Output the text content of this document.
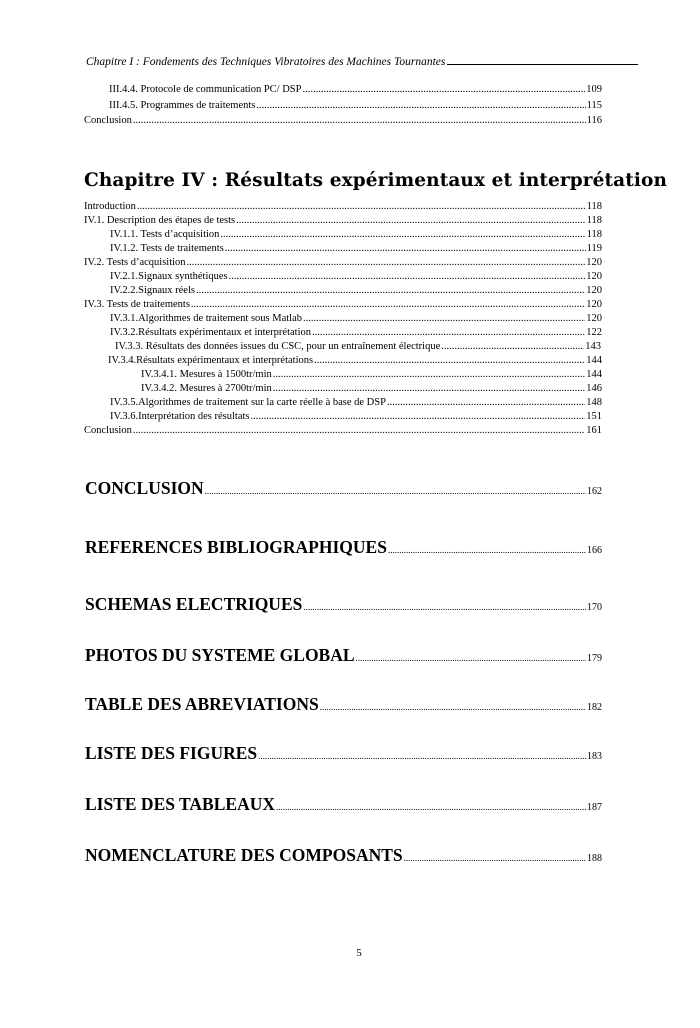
Chapitre I : Fondements des Techniques Vibratoires des Machines Tournantes
III.4.4. Protocole de communication PC/ DSP .....	109
III.4.5. Programmes de traitements .....	115
Conclusion .....	116
Chapitre IV : Résultats expérimentaux et interprétation
Introduction .....	118
IV.1. Description des étapes de tests .....	118
IV.1.1. Tests d’acquisition .....	118
IV.1.2. Tests de traitements .....	119
IV.2. Tests d’acquisition .....	120
IV.2.1.Signaux synthétiques .....	120
IV.2.2.Signaux réels .....	120
IV.3. Tests de traitements .....	120
IV.3.1.Algorithmes de traitement sous Matlab .....	120
IV.3.2.Résultats expérimentaux et interprétation .....	122
IV.3.3. Résultats des données issues du CSC, pour un entraînement électrique .....	143
IV.3.4.Résultats expérimentaux et interprétations .....	144
IV.3.4.1. Mesures à 1500tr/min .....	144
IV.3.4.2. Mesures à 2700tr/min .....	146
IV.3.5.Algorithmes de traitement sur la carte réelle à base de DSP .....	148
IV.3.6.Interprétation des résultats .....	151
Conclusion .....	161
CONCLUSION .....	162
REFERENCES BIBLIOGRAPHIQUES .....	166
SCHEMAS ELECTRIQUES .....	170
PHOTOS DU SYSTEME GLOBAL .....	179
TABLE DES ABREVIATIONS .....	182
LISTE DES FIGURES .....	183
LISTE DES TABLEAUX .....	187
NOMENCLATURE DES COMPOSANTS .....	188
5
